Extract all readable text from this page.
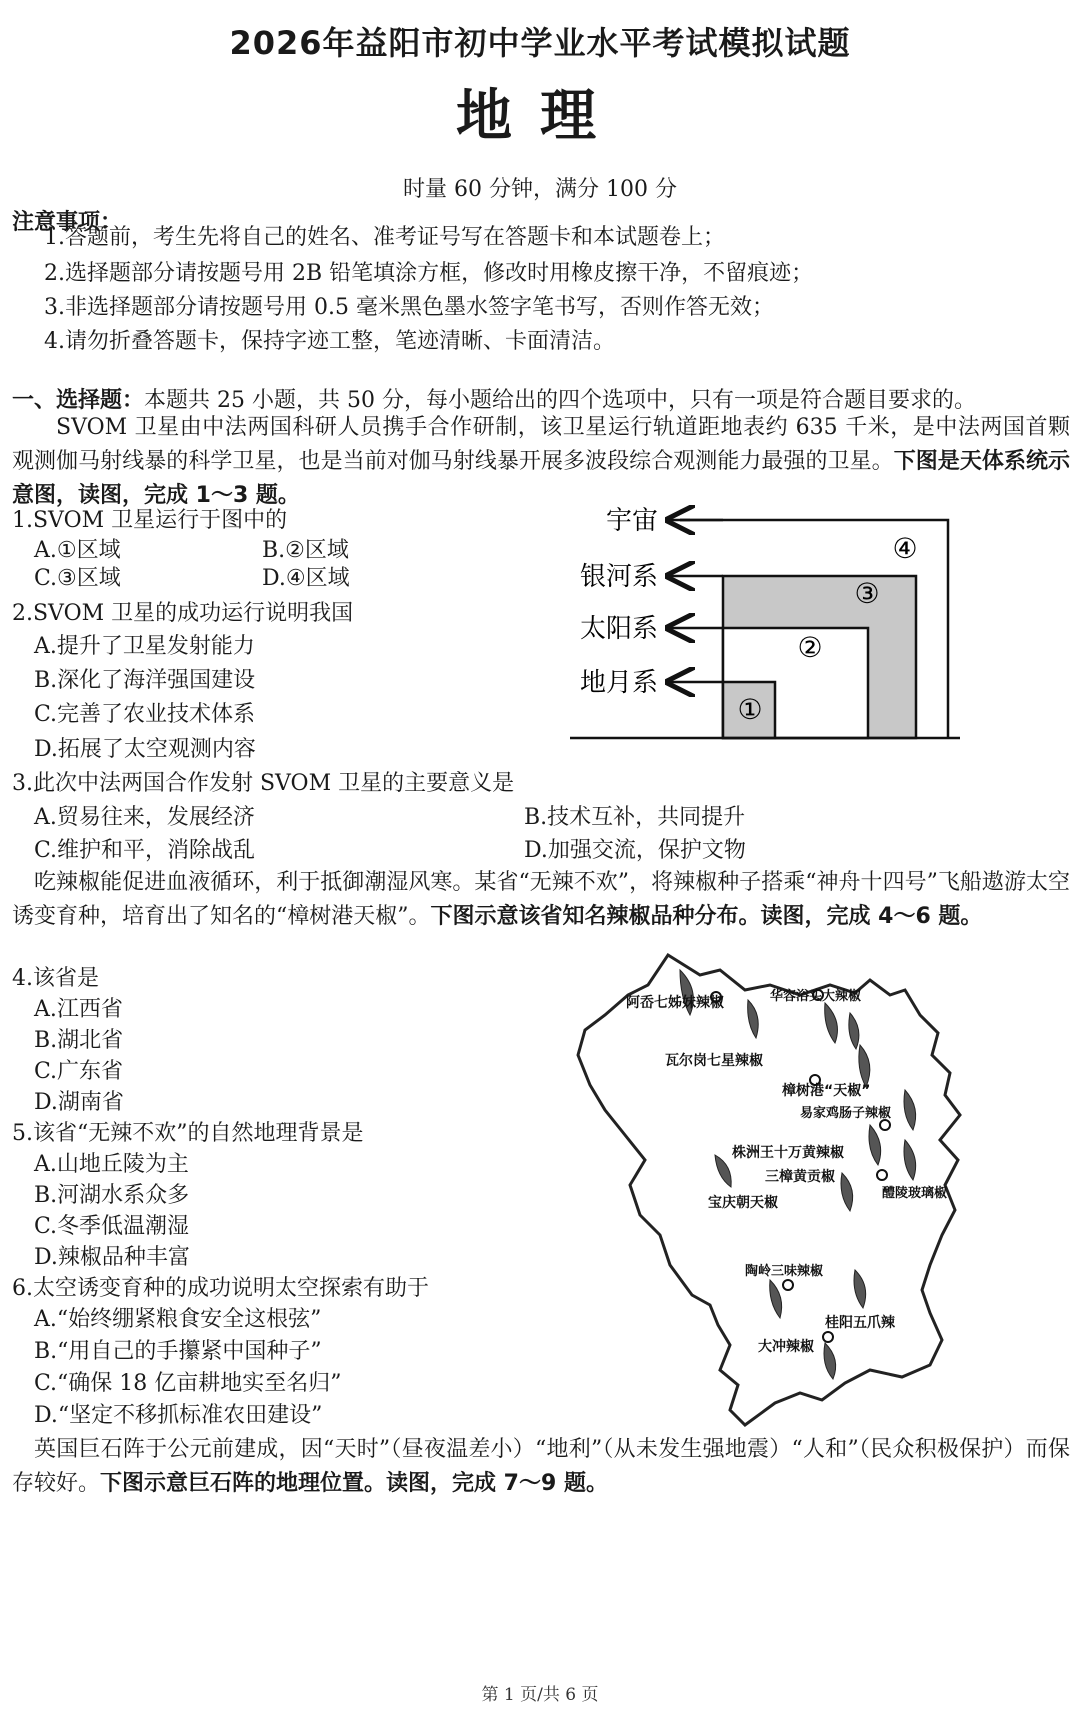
2026年益阳市初中学业水平考试模拟试题
地理
时量 60 分钟，满分 100 分
注意事项：
1.答题前，考生先将自己的姓名、准考证号写在答题卡和本试题卷上；
2.选择题部分请按题号用 2B 铅笔填涂方框，修改时用橡皮擦干净，不留痕迹；
3.非选择题部分请按题号用 0.5 毫米黑色墨水签字笔书写，否则作答无效；
4.请勿折叠答题卡，保持字迹工整，笔迹清晰、卡面清洁。
一、选择题：本题共 25 小题，共 50 分，每小题给出的四个选项中，只有一项是符合题目要求的。
SVOM 卫星由中法两国科研人员携手合作研制，该卫星运行轨道距地表约 635 千米，是中法两国首颗观测伽马射线暴的科学卫星，也是当前对伽马射线暴开展多波段综合观测能力最强的卫星。下图是天体系统示意图，读图，完成 1～3 题。
1.SVOM 卫星运行于图中的
A.①区域	B.②区域
C.③区域	D.④区域
2.SVOM 卫星的成功运行说明我国
A.提升了卫星发射能力
B.深化了海洋强国建设
C.完善了农业技术体系
D.拓展了太空观测内容
3.此次中法两国合作发射 SVOM 卫星的主要意义是
A.贸易往来，发展经济	B.技术互补，共同提升
C.维护和平，消除战乱	D.加强交流，保护文物
宇宙
银河系
太阳系
地月系
④
③
②
①
吃辣椒能促进血液循环，利于抵御潮湿风寒。某省“无辣不欢”，将辣椒种子搭乘“神舟十四号”飞船遨游太空诱变育种，培育出了知名的“樟树港天椒”。下图示意该省知名辣椒品种分布。读图，完成 4～6 题。
4.该省是
A.江西省
B.湖北省
C.广东省
D.湖南省
5.该省“无辣不欢”的自然地理背景是
A.山地丘陵为主
B.河湖水系众多
C.冬季低温潮湿
D.辣椒品种丰富
6.太空诱变育种的成功说明太空探索有助于
A.“始终绷紧粮食安全这根弦”
B.“用自己的手攥紧中国种子”
C.“确保 18 亿亩耕地实至名归”
D.“坚定不移抓标准农田建设”
阿岙七姊妹辣椒	华容浴头大辣椒
瓦尔岗七星辣椒
樟树港“天椒”
易家鸡肠子辣椒
株洲王十万黄辣椒
三樟黄贡椒
醴陵玻璃椒
宝庆朝天椒
陶岭三味辣椒
桂阳五爪辣
大冲辣椒
英国巨石阵于公元前建成，因“天时”（昼夜温差小）“地利”（从未发生强地震）“人和”（民众积极保护）而保存较好。下图示意巨石阵的地理位置。读图，完成 7～9 题。
第 1 页/共 6 页
